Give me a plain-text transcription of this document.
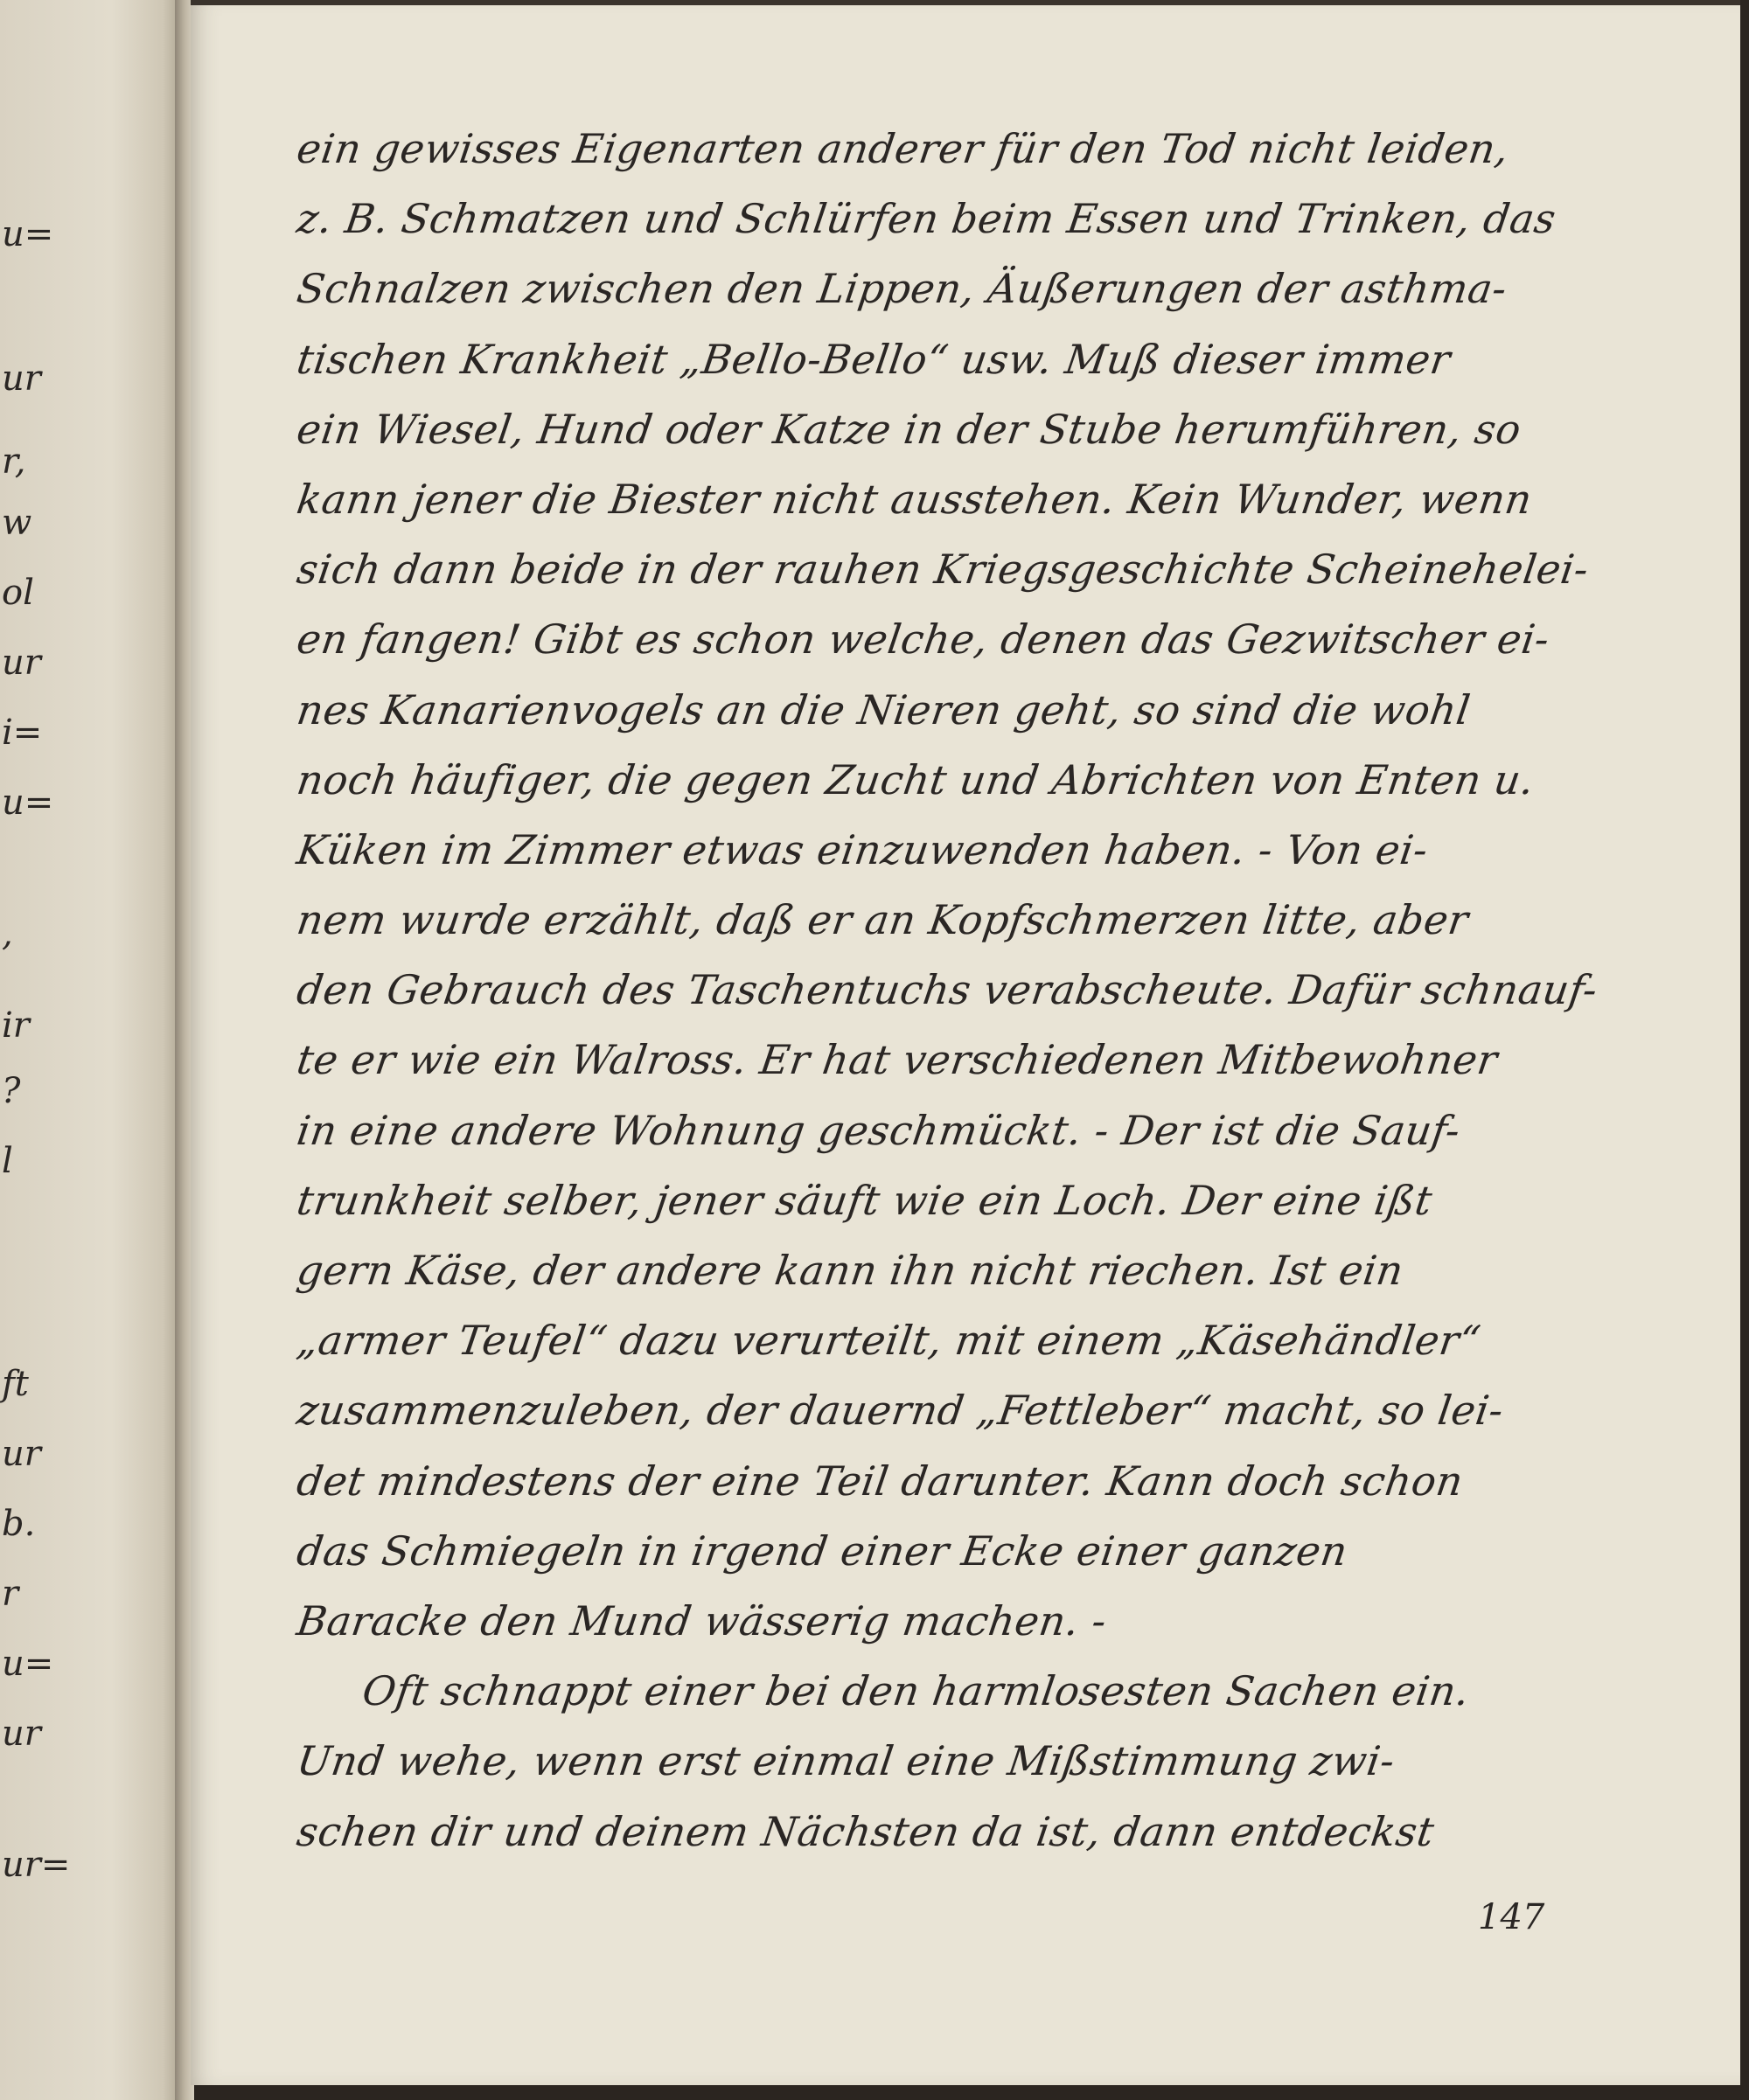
u=
ur
r,
w
ol
ur
i=
u=
,
ir
?
l
ft
ur
b.
r
u=
ur
ur=
ein gewisses Eigenarten anderer für den Tod nicht leiden,
z. B. Schmatzen und Schlürfen beim Essen und Trinken, das
Schnalzen zwischen den Lippen, Äußerungen der asthma-
tischen Krankheit „Bello-Bello“ usw. Muß dieser immer
ein Wiesel, Hund oder Katze in der Stube herumführen, so
kann jener die Biester nicht ausstehen. Kein Wunder, wenn
sich dann beide in der rauhen Kriegsgeschichte Scheinehelei-
en fangen! Gibt es schon welche, denen das Gezwitscher ei-
nes Kanarienvogels an die Nieren geht, so sind die wohl
noch häufiger, die gegen Zucht und Abrichten von Enten u.
Küken im Zimmer etwas einzuwenden haben. - Von ei-
nem wurde erzählt, daß er an Kopfschmerzen litte, aber
den Gebrauch des Taschentuchs verabscheute. Dafür schnauf-
te er wie ein Walross. Er hat verschiedenen Mitbewohner
in eine andere Wohnung geschmückt. - Der ist die Sauf-
trunkheit selber, jener säuft wie ein Loch. Der eine ißt
gern Käse, der andere kann ihn nicht riechen. Ist ein
„armer Teufel“ dazu verurteilt, mit einem „Käsehändler“
zusammenzuleben, der dauernd „Fettleber“ macht, so lei-
det mindestens der eine Teil darunter. Kann doch schon
das Schmiegeln in irgend einer Ecke einer ganzen
Baracke den Mund wässerig machen. -
Oft schnappt einer bei den harmlosesten Sachen ein.
Und wehe, wenn erst einmal eine Mißstimmung zwi-
schen dir und deinem Nächsten da ist, dann entdeckst
147
